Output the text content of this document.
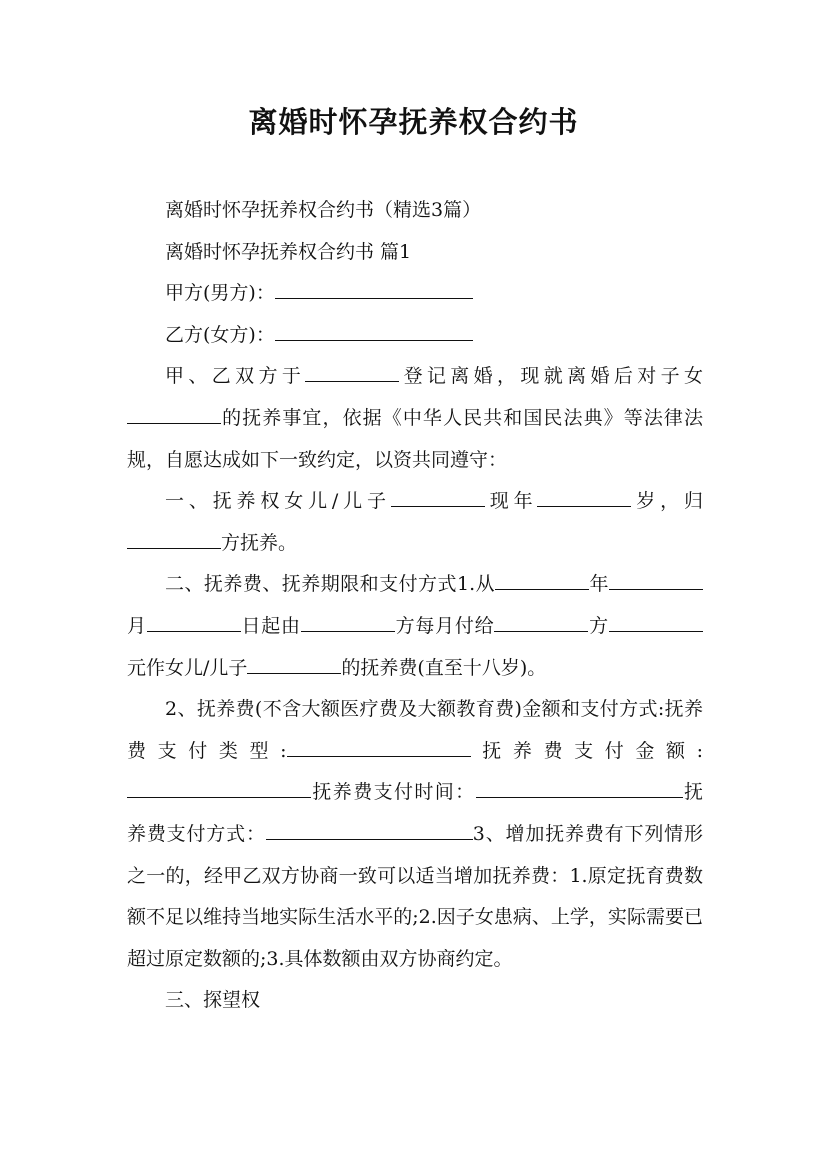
离婚时怀孕抚养权合约书

离婚时怀孕抚养权合约书（精选3篇）

离婚时怀孕抚养权合约书 篇1

甲方(男方)：

乙方(女方)：

甲、乙双方于	登记离婚，现就离婚后对子女的抚养事宜，依据《中华人民共和国民法典》等法律法规，自愿达成如下一致约定，以资共同遵守：

一、抚养权女儿/儿子	现年	岁，归方抚养。

二、抚养费、抚养期限和支付方式1.从	年月	日起由	方每月付给	方元作女儿/儿子	的抚养费(直至十八岁)。

2、抚养费(不含大额医疗费及大额教育费)金额和支付方式:抚养费支付类型:	抚养费支付金额:抚养费支付时间：	抚养费支付方式：	3、增加抚养费有下列情形之一的，经甲乙双方协商一致可以适当增加抚养费：1.原定抚育费数额不足以维持当地实际生活水平的;2.因子女患病、上学，实际需要已超过原定数额的;3.具体数额由双方协商约定。

三、探望权
